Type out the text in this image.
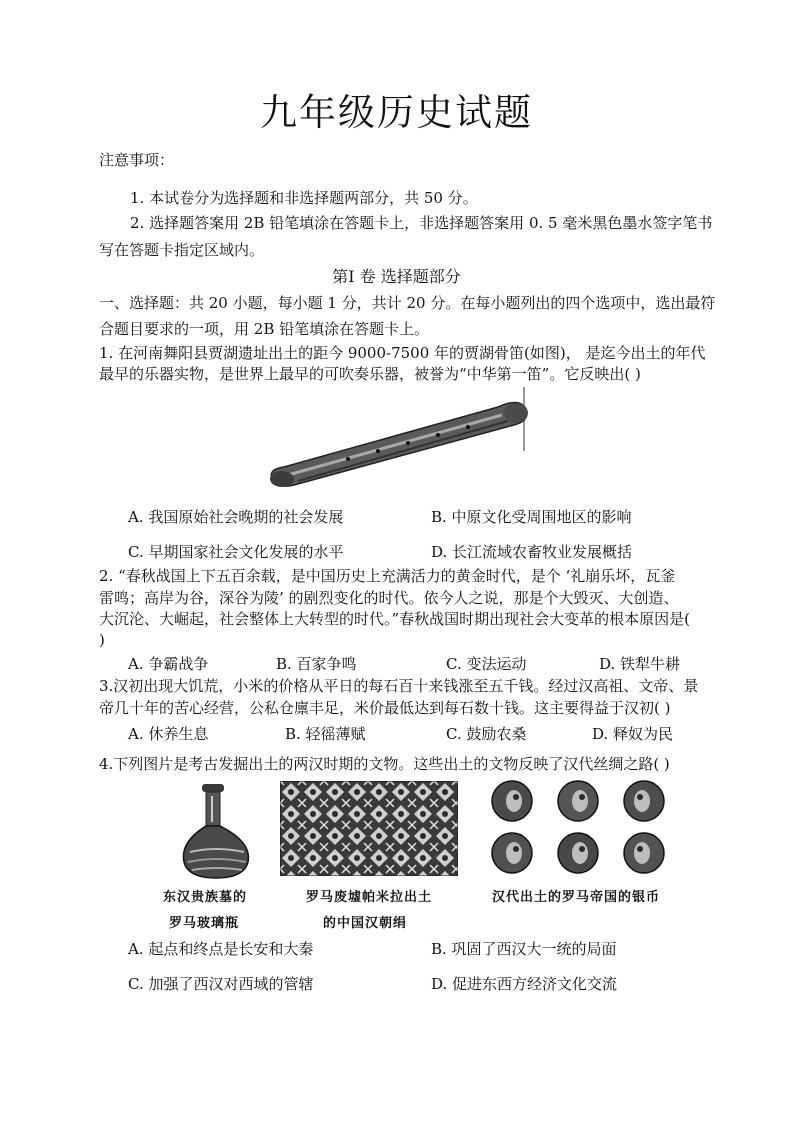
九年级历史试题
注意事项：
1. 本试卷分为选择题和非选择题两部分，共 50 分。
2. 选择题答案用 2B 铅笔填涂在答题卡上，非选择题答案用 0. 5 毫米黑色墨水签字笔书
写在答题卡指定区域内。
第Ⅰ 卷 选择题部分
一、选择题：共 20 小题，每小题 1 分，共计 20 分。在每小题列出的四个选项中，选出最符
合题目要求的一项，用 2B 铅笔填涂在答题卡上。
1. 在河南舞阳县贾湖遗址出土的距今 9000-7500 年的贾湖骨笛(如图)， 是迄今出土的年代
最早的乐器实物，是世界上最早的可吹奏乐器，被誉为“中华第一笛”。它反映出( )
A. 我国原始社会晚期的社会发展	B. 中原文化受周围地区的影响
C. 早期国家社会文化发展的水平	D. 长江流域农畜牧业发展概括
2. “春秋战国上下五百余载，是中国历史上充满活力的黄金时代，是个 ‘礼崩乐坏，瓦釜
雷鸣；高岸为谷，深谷为陵’ 的剧烈变化的时代。依今人之说，那是个大毁灭、大创造、
大沉沦、大崛起，社会整体上大转型的时代。”春秋战国时期出现社会大变革的根本原因是(
)
A. 争霸战争	B. 百家争鸣	C. 变法运动	D. 铁犁牛耕
3.汉初出现大饥荒，小米的价格从平日的每石百十来钱涨至五千钱。经过汉高祖、文帝、景
帝几十年的苦心经营，公私仓廪丰足，米价最低达到每石数十钱。这主要得益于汉初( )
A. 休养生息	B. 轻徭薄赋	C. 鼓励农桑	D. 释奴为民
4.下列图片是考古发掘出土的两汉时期的文物。这些出土的文物反映了汉代丝绸之路( )
东汉贵族墓的
罗马玻璃瓶
罗马废墟帕米拉出土
的中国汉朝绢
汉代出土的罗马帝国的银币
A. 起点和终点是长安和大秦	B. 巩固了西汉大一统的局面
C. 加强了西汉对西域的管辖	D. 促进东西方经济文化交流
